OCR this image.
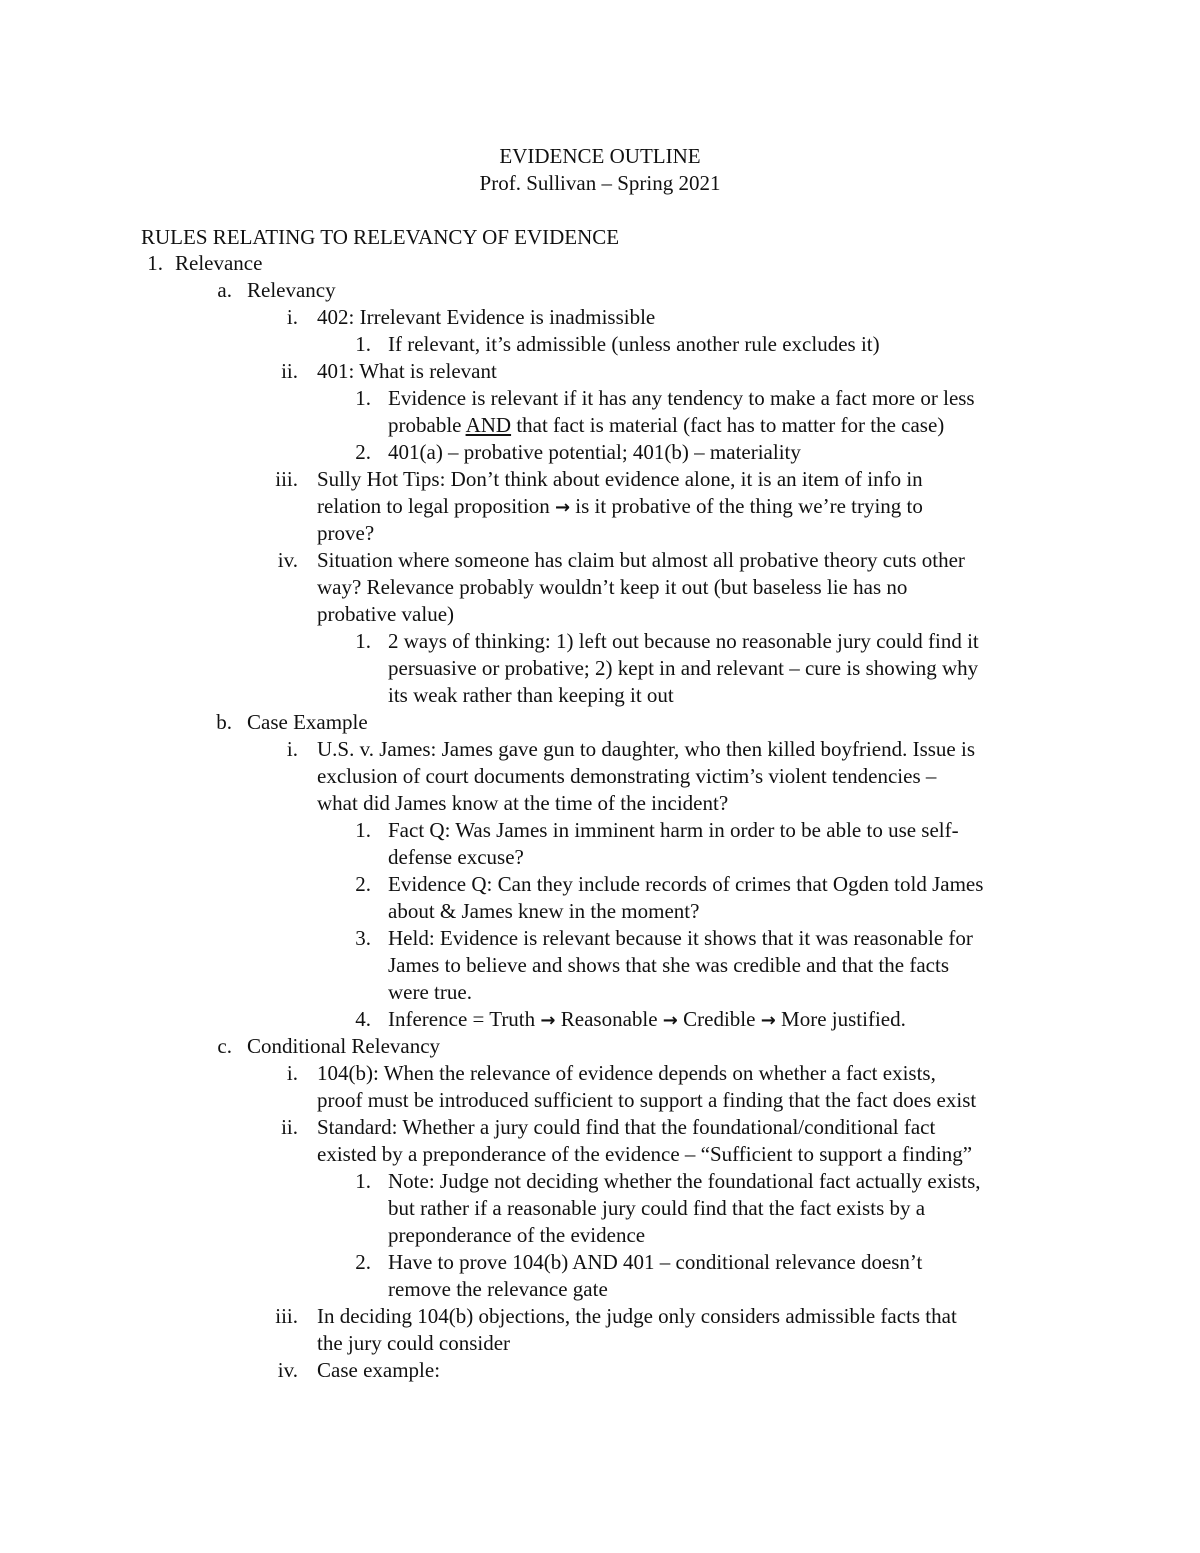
EVIDENCE OUTLINE
Prof. Sullivan – Spring 2021
RULES RELATING TO RELEVANCY OF EVIDENCE
1. Relevance
a. Relevancy
i. 402: Irrelevant Evidence is inadmissible
1. If relevant, it’s admissible (unless another rule excludes it)
ii. 401: What is relevant
1. Evidence is relevant if it has any tendency to make a fact more or less
probable AND that fact is material (fact has to matter for the case)
2. 401(a) – probative potential; 401(b) – materiality
iii. Sully Hot Tips: Don’t think about evidence alone, it is an item of info in
relation to legal proposition → is it probative of the thing we’re trying to
prove?
iv. Situation where someone has claim but almost all probative theory cuts other
way? Relevance probably wouldn’t keep it out (but baseless lie has no
probative value)
1. 2 ways of thinking: 1) left out because no reasonable jury could find it
persuasive or probative; 2) kept in and relevant – cure is showing why
its weak rather than keeping it out
b. Case Example
i. U.S. v. James: James gave gun to daughter, who then killed boyfriend. Issue is
exclusion of court documents demonstrating victim’s violent tendencies –
what did James know at the time of the incident?
1. Fact Q: Was James in imminent harm in order to be able to use self-
defense excuse?
2. Evidence Q: Can they include records of crimes that Ogden told James
about & James knew in the moment?
3. Held: Evidence is relevant because it shows that it was reasonable for
James to believe and shows that she was credible and that the facts
were true.
4. Inference = Truth → Reasonable → Credible → More justified.
c. Conditional Relevancy
i. 104(b): When the relevance of evidence depends on whether a fact exists,
proof must be introduced sufficient to support a finding that the fact does exist
ii. Standard: Whether a jury could find that the foundational/conditional fact
existed by a preponderance of the evidence – “Sufficient to support a finding”
1. Note: Judge not deciding whether the foundational fact actually exists,
but rather if a reasonable jury could find that the fact exists by a
preponderance of the evidence
2. Have to prove 104(b) AND 401 – conditional relevance doesn’t
remove the relevance gate
iii. In deciding 104(b) objections, the judge only considers admissible facts that
the jury could consider
iv. Case example:
